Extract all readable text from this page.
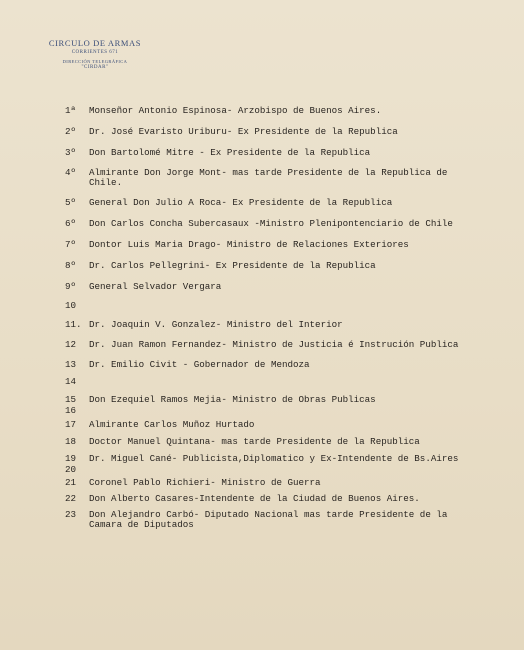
CIRCULO DE ARMAS
CORRIENTES 671
DIRECCIÓN TELEGRÁFICA
"CIRDAR"
1ª Monseñor Antonio Espinosa- Arzobispo de Buenos Aires.
2º Dr. José Evaristo Uriburu- Ex Presidente de la Republica
3º Don Bartolomé Mitre - Ex Presidente de la Republica
4º Almirante Don Jorge Mont- mas tarde Presidente de la Republica de
Chile.
5º General Don Julio A Roca- Ex Presidente de la Republica
6º Don Carlos Concha Subercasaux -Ministro Plenipontenciario de Chile
7º Dontor Luis Maria Drago- Ministro de Relaciones Exteriores
8º Dr. Carlos Pellegrini- Ex Presidente de la Republica
9º General Selvador Vergara
10
11. Dr. Joaquin V. Gonzalez- Ministro del Interior
12 Dr. Juan Ramon Fernandez- Ministro de Justicia é Instrución Publica
13 Dr. Emilio Civit - Gobernador de Mendoza
14
15 Don Ezequiel Ramos Mejia- Ministro de Obras Publicas
16
17 Almirante Carlos Muñoz Hurtado
18 Doctor Manuel Quintana- mas tarde Presidente de la Republica
19 Dr. Miguel Cané- Publicista,Diplomatico y Ex-Intendente de Bs.Aires
20
21 Coronel Pablo Richieri- Ministro de Guerra
22 Don Alberto Casares-Intendente de la Ciudad de Buenos Aires.
23 Don Alejandro Carbó- Diputado Nacional mas tarde Presidente de la
Camara de Diputados
